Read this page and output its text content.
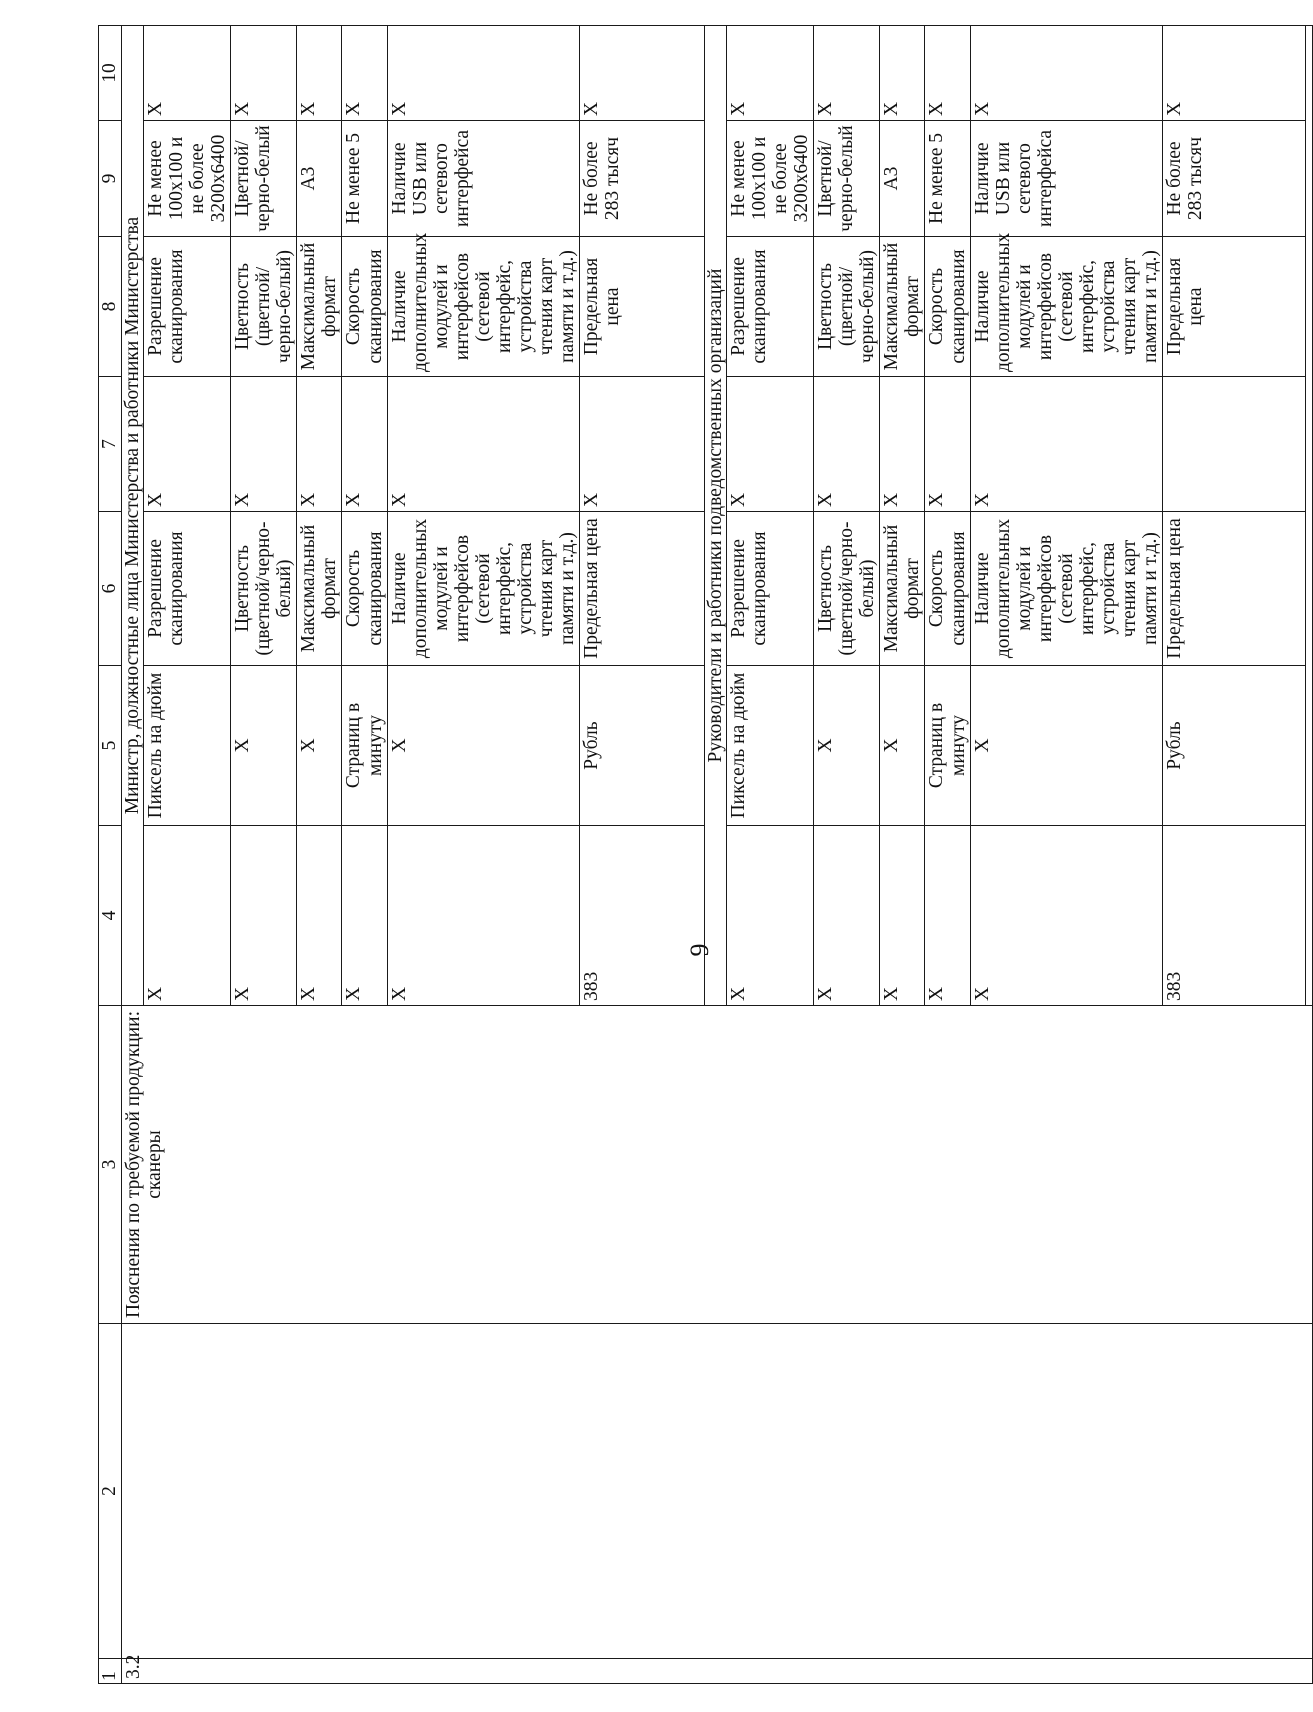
9
1	2	3	4	5	6	7	8	9	10
3.2		Пояснения по требуемой продукции: сканеры	Министр, должностные лица Министерства и работники Министерства						
			X	Пиксель на дюйм	Разрешение сканирования	X	Разрешение сканирования	Не менее 100x100 и не более 3200x6400	X
			X	X	Цветность (цветной/черно-белый)	X	Цветность (цветной/черно-белый)	Цветной/черно-белый	X
			X	X	Максимальный формат	X	Максимальный формат	A3	X
			X	Страниц в минуту	Скорость сканирования	X	Скорость сканирования	Не менее 5	X
			X	X	Наличие дополнительных модулей и интерфейсов (сетевой интерфейс, устройства чтения карт памяти и т.д.)	X	Наличие дополнительных модулей и интерфейсов (сетевой интерфейс, устройства чтения карт памяти и т.д.)	Наличие USB или сетевого интерфейса	X
			383	Рубль	Предельная цена	X	Предельная цена	Не более 283 тысяч	X
			Руководители и работники подведомственных организаций						
			X	Пиксель на дюйм	Разрешение сканирования	X	Разрешение сканирования	Не менее 100x100 и не более 3200x6400	X
			X	X	Цветность (цветной/черно-белый)	X	Цветность (цветной/черно-белый)	Цветной/черно-белый	X
			X	X	Максимальный формат	X	Максимальный формат	A3	X
			X	Страниц в минуту	Скорость сканирования	X	Скорость сканирования	Не менее 5	X
			X	X	Наличие дополнительных модулей и интерфейсов (сетевой интерфейс, устройства чтения карт памяти и т.д.)	X	Наличие дополнительных модулей и интерфейсов (сетевой интерфейс, устройства чтения карт памяти и т.д.)	Наличие USB или сетевого интерфейса	X
			383	Рубль	Предельная цена		Предельная цена	Не более 283 тысяч	X
